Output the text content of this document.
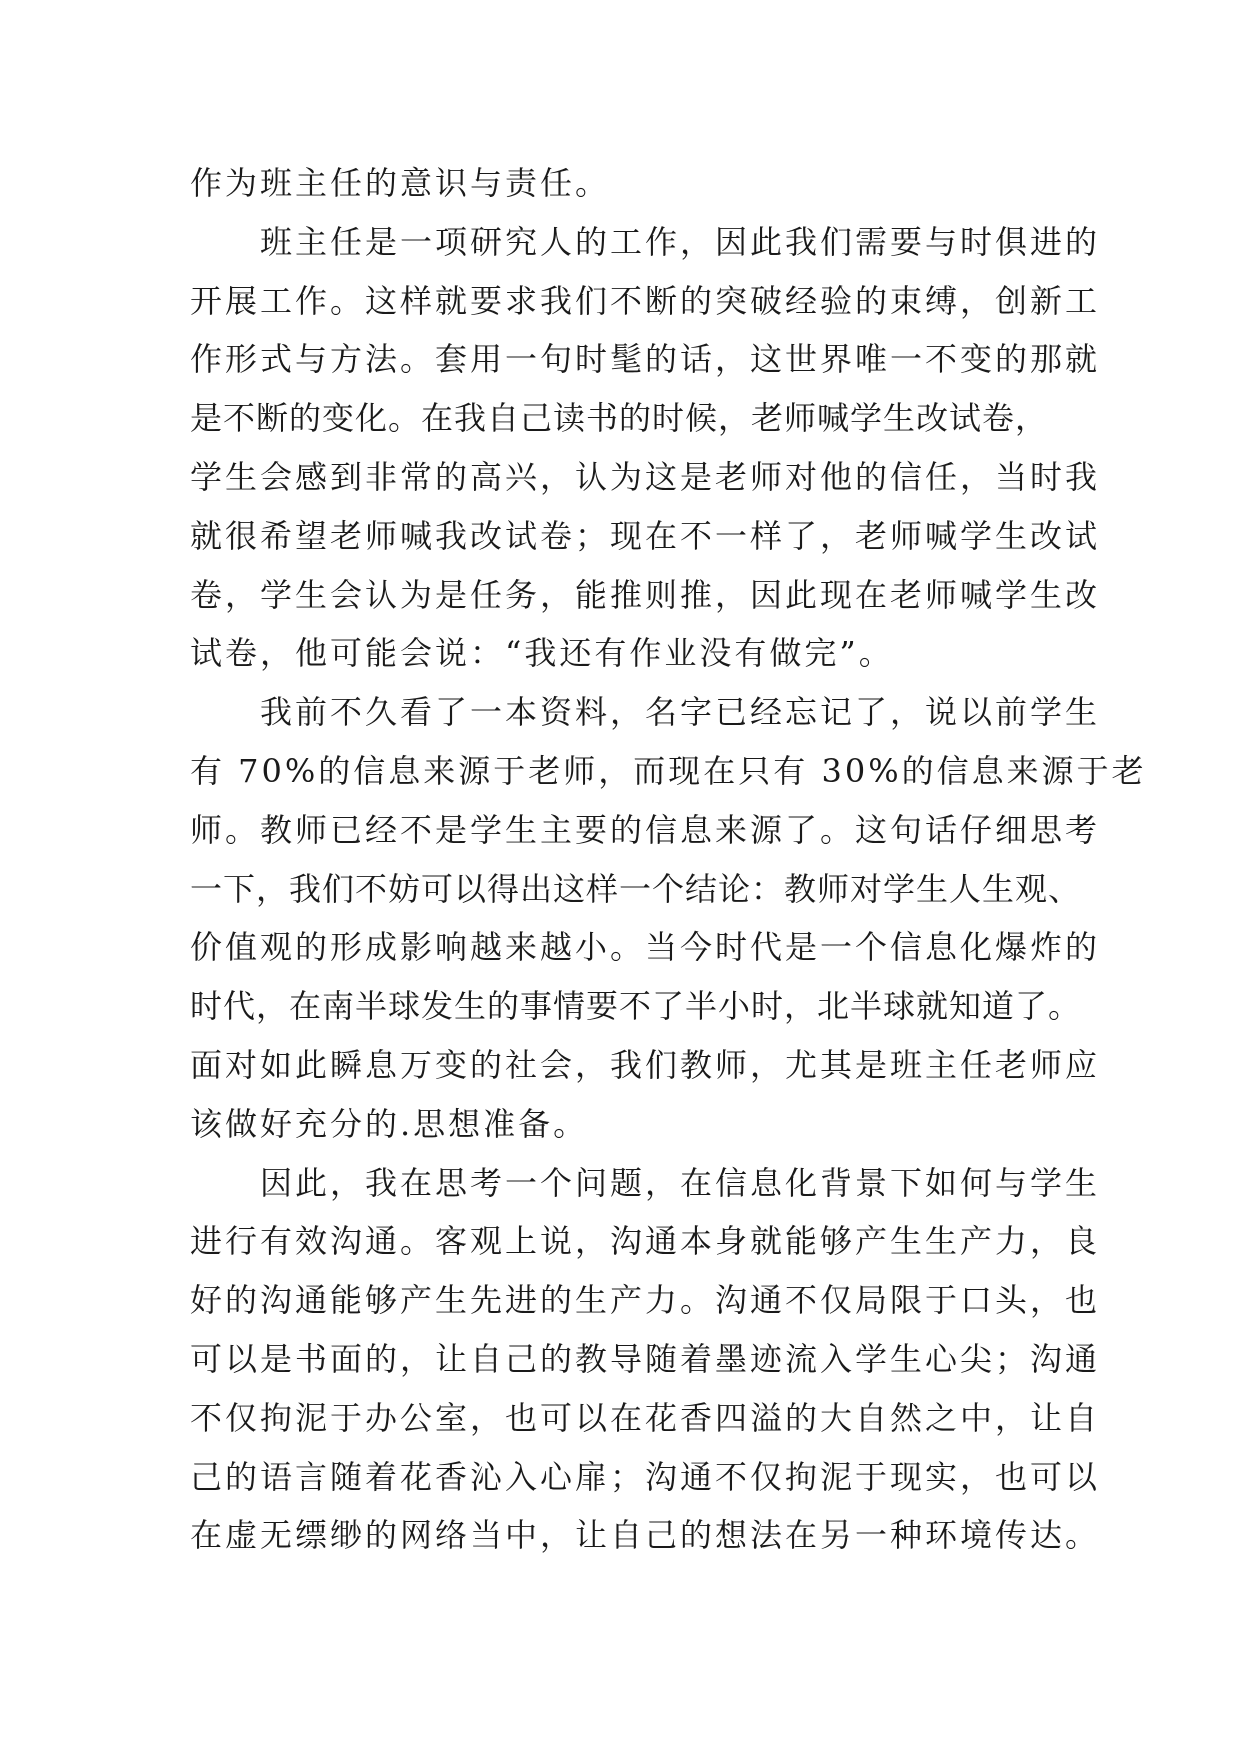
作为班主任的意识与责任。
班主任是一项研究人的工作，因此我们需要与时俱进的
开展工作。这样就要求我们不断的突破经验的束缚，创新工
作形式与方法。套用一句时髦的话，这世界唯一不变的那就
是不断的变化。在我自己读书的时候，老师喊学生改试卷，
学生会感到非常的高兴，认为这是老师对他的信任，当时我
就很希望老师喊我改试卷；现在不一样了，老师喊学生改试
卷，学生会认为是任务，能推则推，因此现在老师喊学生改
试卷，他可能会说：“我还有作业没有做完”。
我前不久看了一本资料，名字已经忘记了，说以前学生
有 70%的信息来源于老师，而现在只有 30%的信息来源于老
师。教师已经不是学生主要的信息来源了。这句话仔细思考
一下，我们不妨可以得出这样一个结论：教师对学生人生观、
价值观的形成影响越来越小。当今时代是一个信息化爆炸的
时代，在南半球发生的事情要不了半小时，北半球就知道了。
面对如此瞬息万变的社会，我们教师，尤其是班主任老师应
该做好充分的.思想准备。
因此，我在思考一个问题，在信息化背景下如何与学生
进行有效沟通。客观上说，沟通本身就能够产生生产力，良
好的沟通能够产生先进的生产力。沟通不仅局限于口头，也
可以是书面的，让自己的教导随着墨迹流入学生心尖；沟通
不仅拘泥于办公室，也可以在花香四溢的大自然之中，让自
己的语言随着花香沁入心扉；沟通不仅拘泥于现实，也可以
在虚无缥缈的网络当中，让自己的想法在另一种环境传达。
